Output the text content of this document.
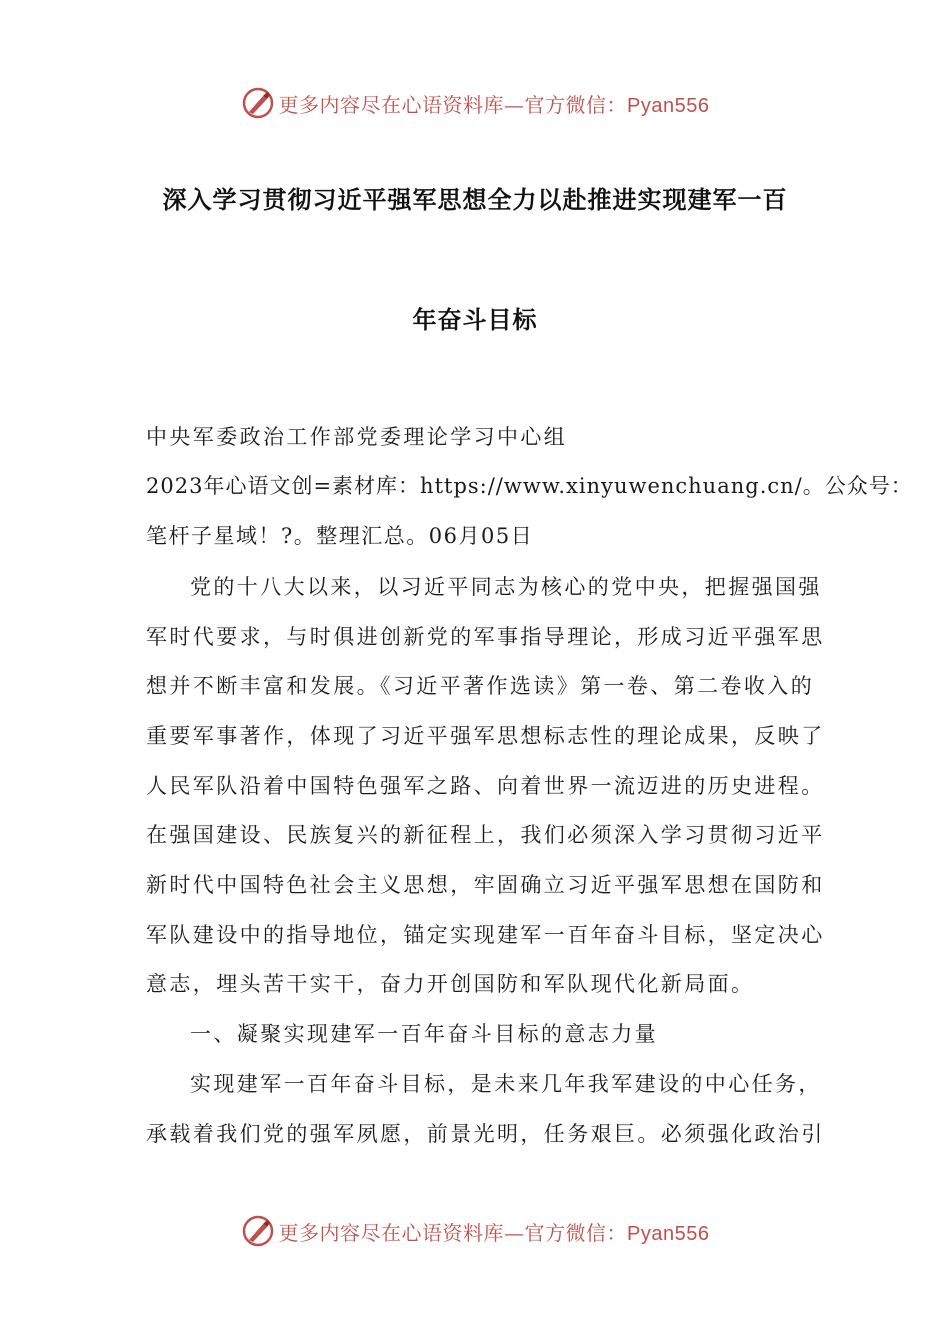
更多内容尽在心语资料库— 官方微信：Pyan556
深入学习贯彻习近平强军思想全力以赴推进实现建军一百
年奋斗目标
中央军委政治工作部党委理论学习中心组
2023年心语文创=素材库：https://www.xinyuwenchuang.cn/。公众号：
笔杆子星域！?。整理汇总。06月05日
党的十八大以来，以习近平同志为核心的党中央，把握强国强
军时代要求，与时俱进创新党的军事指导理论，形成习近平强军思
想并不断丰富和发展。《习近平著作选读》第一卷、第二卷收入的
重要军事著作，体现了习近平强军思想标志性的理论成果，反映了
人民军队沿着中国特色强军之路、向着世界一流迈进的历史进程。
在强国建设、民族复兴的新征程上，我们必须深入学习贯彻习近平
新时代中国特色社会主义思想，牢固确立习近平强军思想在国防和
军队建设中的指导地位，锚定实现建军一百年奋斗目标，坚定决心
意志，埋头苦干实干，奋力开创国防和军队现代化新局面。
一、凝聚实现建军一百年奋斗目标的意志力量
实现建军一百年奋斗目标，是未来几年我军建设的中心任务，
承载着我们党的强军夙愿，前景光明，任务艰巨。必须强化政治引
更多内容尽在心语资料库— 官方微信：Pyan556
